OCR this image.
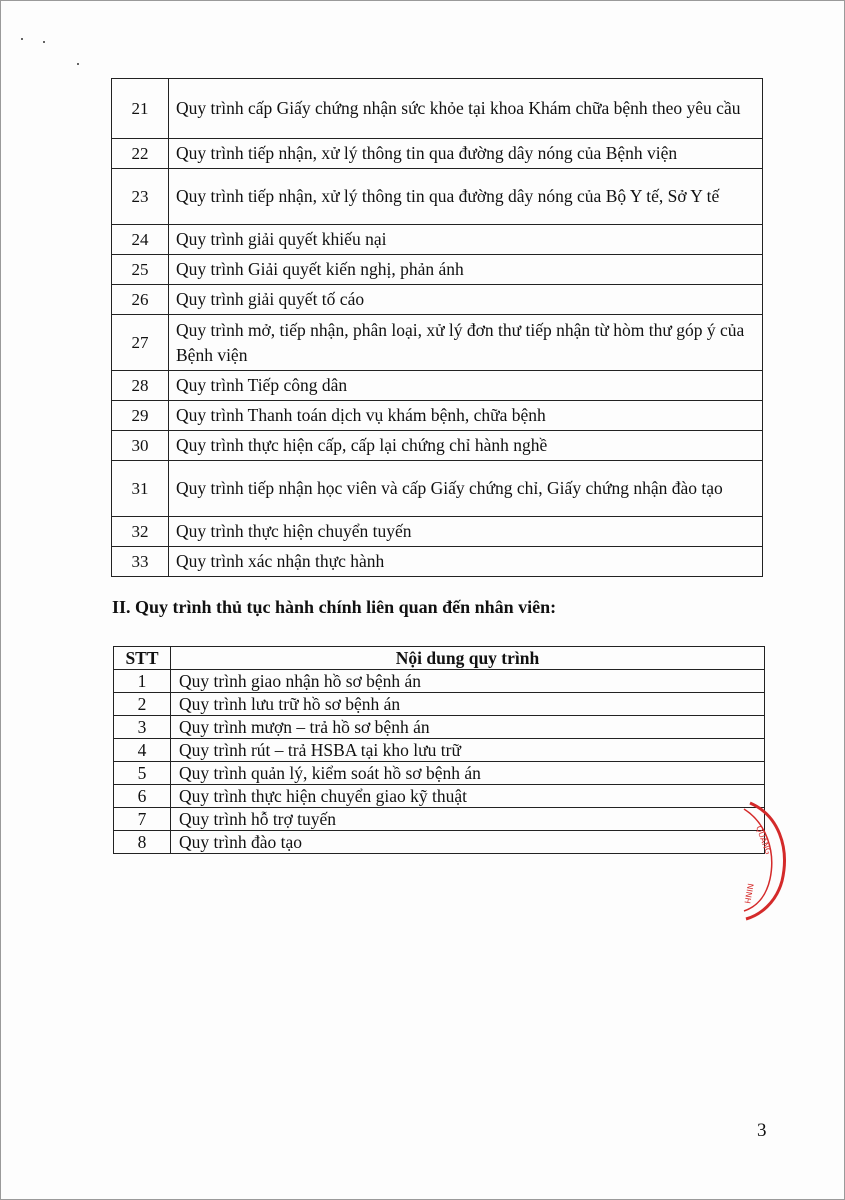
21	Quy trình cấp Giấy chứng nhận sức khỏe tại khoa Khám chữa bệnh theo yêu cầu
22	Quy trình tiếp nhận, xử lý thông tin qua đường dây nóng của Bệnh viện
23	Quy trình tiếp nhận, xử lý thông tin qua đường dây nóng của Bộ Y tế, Sở Y tế
24	Quy trình giải quyết khiếu nại
25	Quy trình Giải quyết kiến nghị, phản ánh
26	Quy trình giải quyết tố cáo
27	Quy trình mở, tiếp nhận, phân loại, xử lý đơn thư tiếp nhận từ hòm thư góp ý của Bệnh viện
28	Quy trình Tiếp công dân
29	Quy trình Thanh toán dịch vụ khám bệnh, chữa bệnh
30	Quy trình thực hiện cấp, cấp lại chứng chỉ hành nghề
31	Quy trình tiếp nhận học viên và cấp Giấy chứng chỉ, Giấy chứng nhận đào tạo
32	Quy trình thực hiện chuyển tuyến
33	Quy trình xác nhận thực hành
II. Quy trình thủ tục hành chính liên quan đến nhân viên:
STT	Nội dung quy trình
1	Quy trình giao nhận hồ sơ bệnh án
2	Quy trình lưu trữ hồ sơ bệnh án
3	Quy trình mượn – trả hồ sơ bệnh án
4	Quy trình rút – trả HSBA tại kho lưu trữ
5	Quy trình quản lý, kiểm soát hồ sơ bệnh án
6	Quy trình thực hiện chuyển giao kỹ thuật
7	Quy trình hỗ trợ tuyến
8	Quy trình đào tạo	QUANG
NINH
3
